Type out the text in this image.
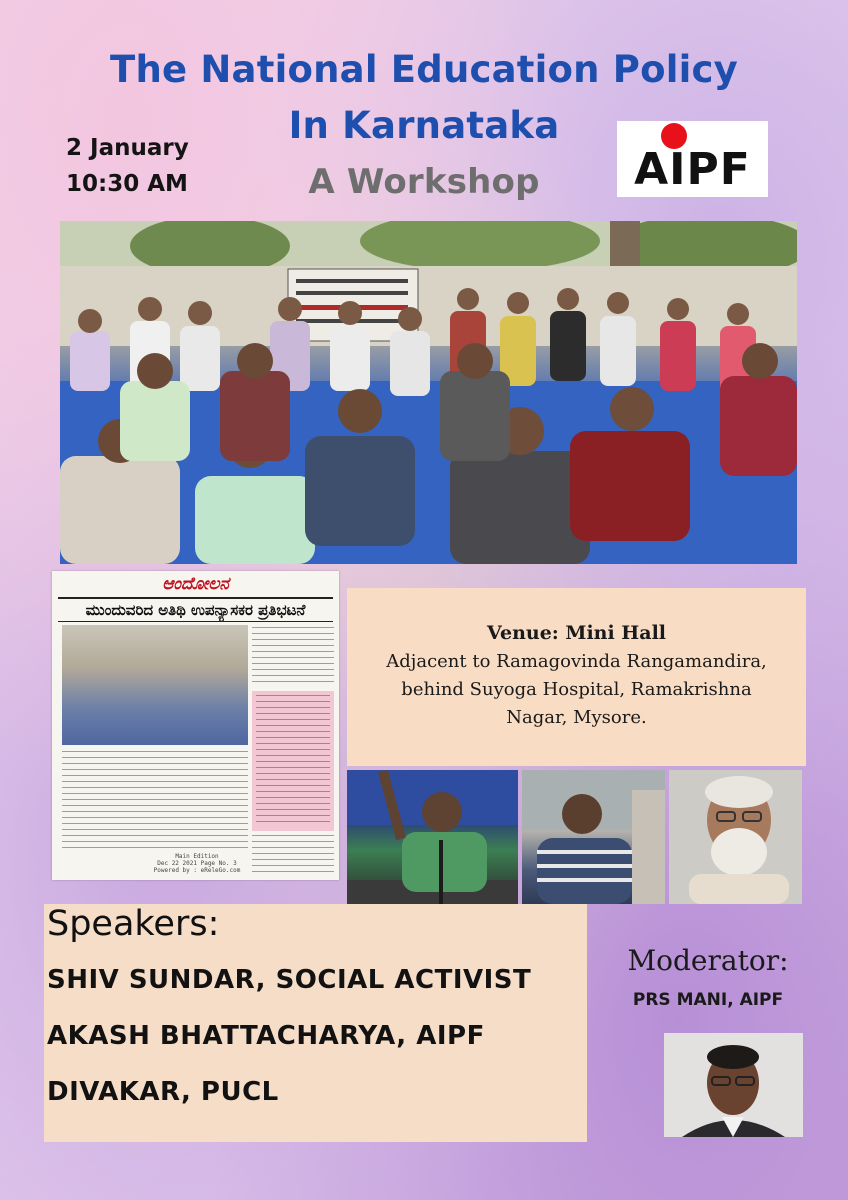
The National Education Policy
In Karnataka
A Workshop
2 January
10:30 AM	AIPF
ಆಂದೋಲನ
ಮುಂದುವರಿದ ಅತಿಥಿ ಉಪನ್ಯಾಸಕರ ಪ್ರತಿಭಟನೆ
Main Edition
Dec 22 2021 Page No. 3
Powered by : eReleGo.com
Venue: Mini Hall
Adjacent to Ramagovinda Rangamandira,
behind Suyoga Hospital, Ramakrishna
Nagar, Mysore.
Speakers:
SHIV SUNDAR, SOCIAL ACTIVIST
AKASH BHATTACHARYA, AIPF
DIVAKAR, PUCL
Moderator:
PRS MANI, AIPF
